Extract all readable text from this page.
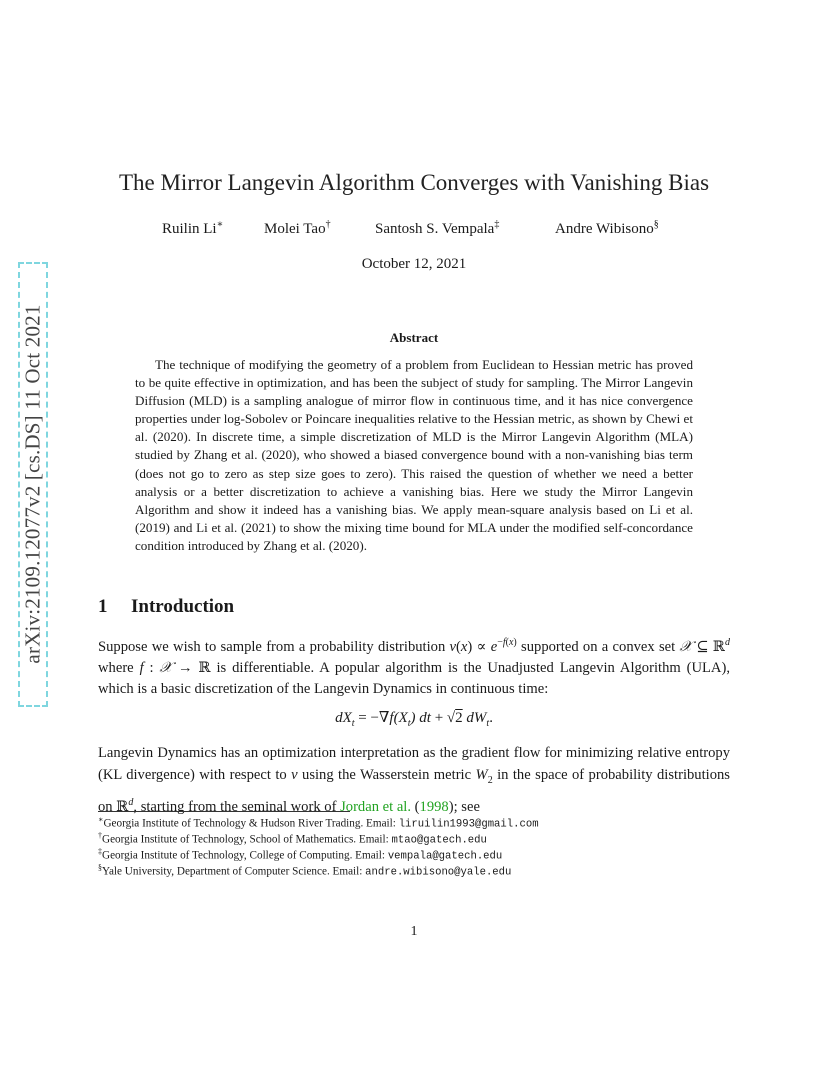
arXiv:2109.12077v2 [cs.DS] 11 Oct 2021
The Mirror Langevin Algorithm Converges with Vanishing Bias
Ruilin Li∗	Molei Tao†	Santosh S. Vempala‡	Andre Wibisono§
October 12, 2021
Abstract
The technique of modifying the geometry of a problem from Euclidean to Hessian metric has proved to be quite effective in optimization, and has been the subject of study for sampling. The Mirror Langevin Diffusion (MLD) is a sampling analogue of mirror flow in continuous time, and it has nice convergence properties under log-Sobolev or Poincare inequalities relative to the Hessian metric, as shown by Chewi et al. (2020). In discrete time, a simple discretization of MLD is the Mirror Langevin Algorithm (MLA) studied by Zhang et al. (2020), who showed a biased convergence bound with a non-vanishing bias term (does not go to zero as step size goes to zero). This raised the question of whether we need a better analysis or a better discretization to achieve a vanishing bias. Here we study the Mirror Langevin Algorithm and show it indeed has a vanishing bias. We apply mean-square analysis based on Li et al. (2019) and Li et al. (2021) to show the mixing time bound for MLA under the modified self-concordance condition introduced by Zhang et al. (2020).
1 Introduction
Suppose we wish to sample from a probability distribution $\nu(x) \propto e^{-f(x)}$ supported on a convex set 𝒳 ⊆ ℝ$^d$ where f : 𝒳 → ℝ is differentiable. A popular algorithm is the Unadjusted Langevin Algorithm (ULA), which is a basic discretization of the Langevin Dynamics in continuous time:
$dX_t = -\nabla f(X_t)$ dt + √2 $dW_t$.
Langevin Dynamics has an optimization interpretation as the gradient flow for minimizing relative entropy (KL divergence) with respect to ν using the Wasserstein metric $W_2$ in the space of probability distributions on ℝ$^d$, starting from the seminal work of Jordan et al. (1998); see
∗Georgia Institute of Technology & Hudson River Trading. Email: liruilin1993@gmail.com
†Georgia Institute of Technology, School of Mathematics. Email: mtao@gatech.edu
‡Georgia Institute of Technology, College of Computing. Email: vempala@gatech.edu
§Yale University, Department of Computer Science. Email: andre.wibisono@yale.edu
1
